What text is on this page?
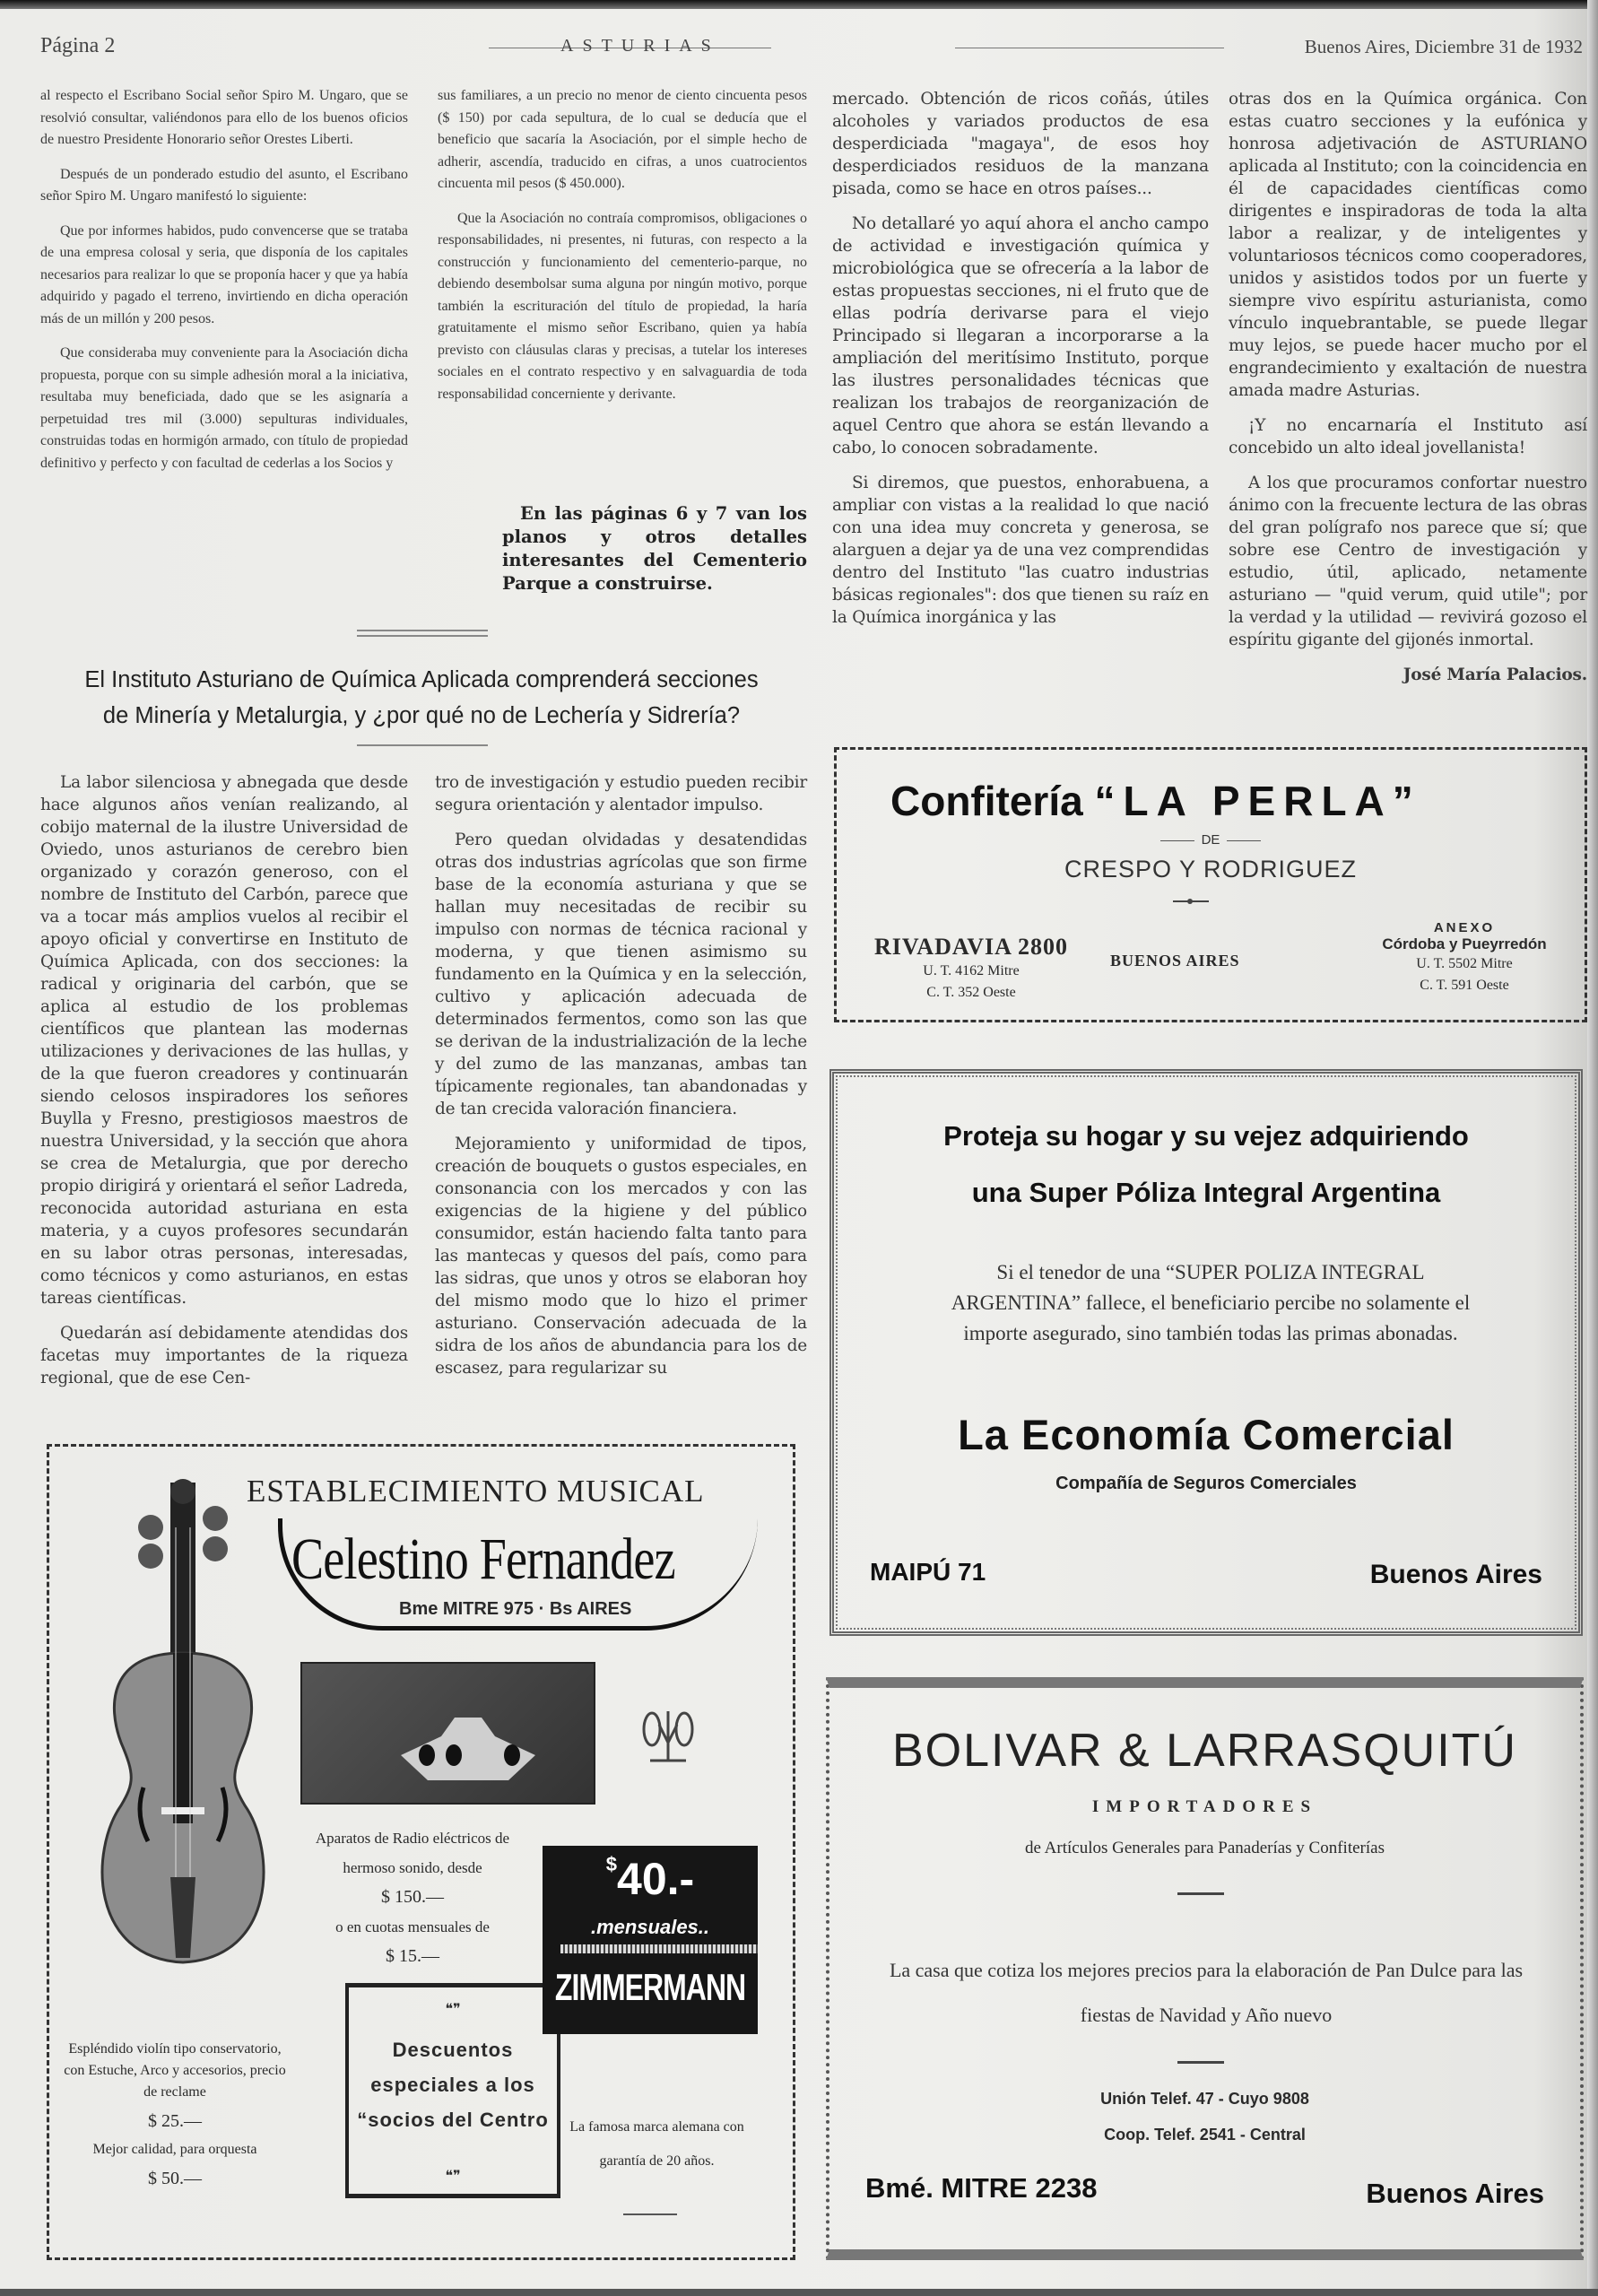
Página 2	ASTURIAS	Buenos Aires, Diciembre 31 de 1932

al respecto el Escribano Social señor Spiro M. Ungaro, que se resolvió consultar, valiéndonos para ello de los buenos oficios de nuestro Presidente Honorario señor Orestes Liberti.

Después de un ponderado estudio del asunto, el Escribano señor Spiro M. Ungaro manifestó lo siguiente:

Que por informes habidos, pudo convencerse que se trataba de una empresa colosal y seria, que disponía de los capitales necesarios para realizar lo que se proponía hacer y que ya había adquirido y pagado el terreno, invirtiendo en dicha operación más de un millón y 200 pesos.

Que consideraba muy conveniente para la Asociación dicha propuesta, porque con su simple adhesión moral a la iniciativa, resultaba muy beneficiada, dado que se les asignaría a perpetuidad tres mil (3.000) sepulturas individuales, construidas todas en hormigón armado, con título de propiedad definitivo y perfecto y con facultad de cederlas a los Socios y

sus familiares, a un precio no menor de ciento cincuenta pesos ($ 150) por cada sepultura, de lo cual se deducía que el beneficio que sacaría la Asociación, por el simple hecho de adherir, ascendía, traducido en cifras, a unos cuatrocientos cincuenta mil pesos ($ 450.000).

Que la Asociación no contraía compromisos, obligaciones o responsabilidades, ni presentes, ni futuras, con respecto a la construcción y funcionamiento del cementerio-parque, no debiendo desembolsar suma alguna por ningún motivo, porque también la escrituración del título de propiedad, la haría gratuitamente el mismo señor Escribano, quien ya había previsto con cláusulas claras y precisas, a tutelar los intereses sociales en el contrato respectivo y en salvaguardia de toda responsabilidad concerniente y derivante.

En las páginas 6 y 7 van los planos y otros detalles interesantes del Cementerio Parque a construirse.

mercado. Obtención de ricos coñás, útiles alcoholes y variados productos de esa desperdiciada "magaya", de esos hoy desperdiciados residuos de la manzana pisada, como se hace en otros países...

No detallaré yo aquí ahora el ancho campo de actividad e investigación química y microbiológica que se ofrecería a la labor de estas propuestas secciones, ni el fruto que de ellas podría derivarse para el viejo Principado si llegaran a incorporarse a la ampliación del meritísimo Instituto, porque las ilustres personalidades técnicas que realizan los trabajos de reorganización de aquel Centro que ahora se están llevando a cabo, lo conocen sobradamente.

Si diremos, que puestos, enhorabuena, a ampliar con vistas a la realidad lo que nació con una idea muy concreta y generosa, se alarguen a dejar ya de una vez comprendidas dentro del Instituto "las cuatro industrias básicas regionales": dos que tienen su raíz en la Química inorgánica y las

otras dos en la Química orgánica. Con estas cuatro secciones y la eufónica y honrosa adjetivación de ASTURIANO aplicada al Instituto; con la coincidencia en él de capacidades científicas como dirigentes e inspiradoras de toda la alta labor a realizar, y de inteligentes y voluntariosos técnicos como cooperadores, unidos y asistidos todos por un fuerte y siempre vivo espíritu asturianista, como vínculo inquebrantable, se puede llegar muy lejos, se puede hacer mucho por el engrandecimiento y exaltación de nuestra amada madre Asturias.

¡Y no encarnaría el Instituto así concebido un alto ideal jovellanista!

A los que procuramos confortar nuestro ánimo con la frecuente lectura de las obras del gran polígrafo nos parece que sí; que sobre ese Centro de investigación y estudio, útil, aplicado, netamente asturiano — "quid verum, quid utile"; por la verdad y la utilidad — revivirá gozoso el espíritu gigante del gijonés inmortal.

José María Palacios.

El Instituto Asturiano de Química Aplicada comprenderá secciones
de Minería y Metalurgia, y ¿por qué no de Lechería y Sidrería?

La labor silenciosa y abnegada que desde hace algunos años venían realizando, al cobijo maternal de la ilustre Universidad de Oviedo, unos asturianos de cerebro bien organizado y corazón generoso, con el nombre de Instituto del Carbón, parece que va a tocar más amplios vuelos al recibir el apoyo oficial y convertirse en Instituto de Química Aplicada, con dos secciones: la radical y originaria del carbón, que se aplica al estudio de los problemas científicos que plantean las modernas utilizaciones y derivaciones de las hullas, y de la que fueron creadores y continuarán siendo celosos inspiradores los señores Buylla y Fresno, prestigiosos maestros de nuestra Universidad, y la sección que ahora se crea de Metalurgia, que por derecho propio dirigirá y orientará el señor Ladreda, reconocida autoridad asturiana en esta materia, y a cuyos profesores secundarán en su labor otras personas, interesadas, como técnicos y como asturianos, en estas tareas científicas.

Quedarán así debidamente atendidas dos facetas muy importantes de la riqueza regional, que de ese Cen-

tro de investigación y estudio pueden recibir segura orientación y alentador impulso.

Pero quedan olvidadas y desatendidas otras dos industrias agrícolas que son firme base de la economía asturiana y que se hallan muy necesitadas de recibir su impulso con normas de técnica racional y moderna, y que tienen asimismo su fundamento en la Química y en la selección, cultivo y aplicación adecuada de determinados fermentos, como son las que se derivan de la industrialización de la leche y del zumo de las manzanas, ambas tan típicamente regionales, tan abandonadas y de tan crecida valoración financiera.

Mejoramiento y uniformidad de tipos, creación de bouquets o gustos especiales, en consonancia con los mercados y con las exigencias de la higiene y del público consumidor, están haciendo falta tanto para las mantecas y quesos del país, como para las sidras, que unos y otros se elaboran hoy del mismo modo que lo hizo el primer asturiano. Conservación adecuada de la sidra de los años de abundancia para los de escasez, para regularizar su

Confitería “LA PERLA”
DE
CRESPO Y RODRIGUEZ
RIVADAVIA 2800
U. T. 4162 Mitre
C. T. 352 Oeste
BUENOS AIRES
ANEXO
Córdoba y Pueyrredón
U. T. 5502 Mitre
C. T. 591 Oeste
Proteja su hogar y su vejez adquiriendo
una Super Póliza Integral Argentina
Si el tenedor de una “SUPER POLIZA INTEGRAL ARGENTINA” fallece, el beneficiario percibe no solamente el importe asegurado, sino también todas las primas abonadas.
La Economía Comercial
Compañía de Seguros Comerciales
MAIPÚ 71	Buenos Aires
BOLIVAR & LARRASQUITÚ
IMPORTADORES
de Artículos Generales para Panaderías y Confiterías
La casa que cotiza los mejores precios para la elaboración de Pan Dulce para las fiestas de Navidad y Año nuevo
Unión Telef. 47 - Cuyo 9808
Coop. Telef. 2541 - Central
Bmé. MITRE 2238	Buenos Aires
ESTABLECIMIENTO MUSICAL
Celestino Fernandez
Bme MITRE 975 · Bs AIRES
Aparatos de Radio eléctricos de hermoso sonido, desde
$ 150.—
o en cuotas mensuales de
$ 15.—
❝❞
Descuentos especiales a los “socios del Centro
❝❞
$40.-
.mensuales..
ZIMMERMANN
La famosa marca alemana con garantía de 20 años.
Espléndido violín tipo conservatorio, con Estuche, Arco y accesorios, precio de reclame
$ 25.—
Mejor calidad, para orquesta
$ 50.—
